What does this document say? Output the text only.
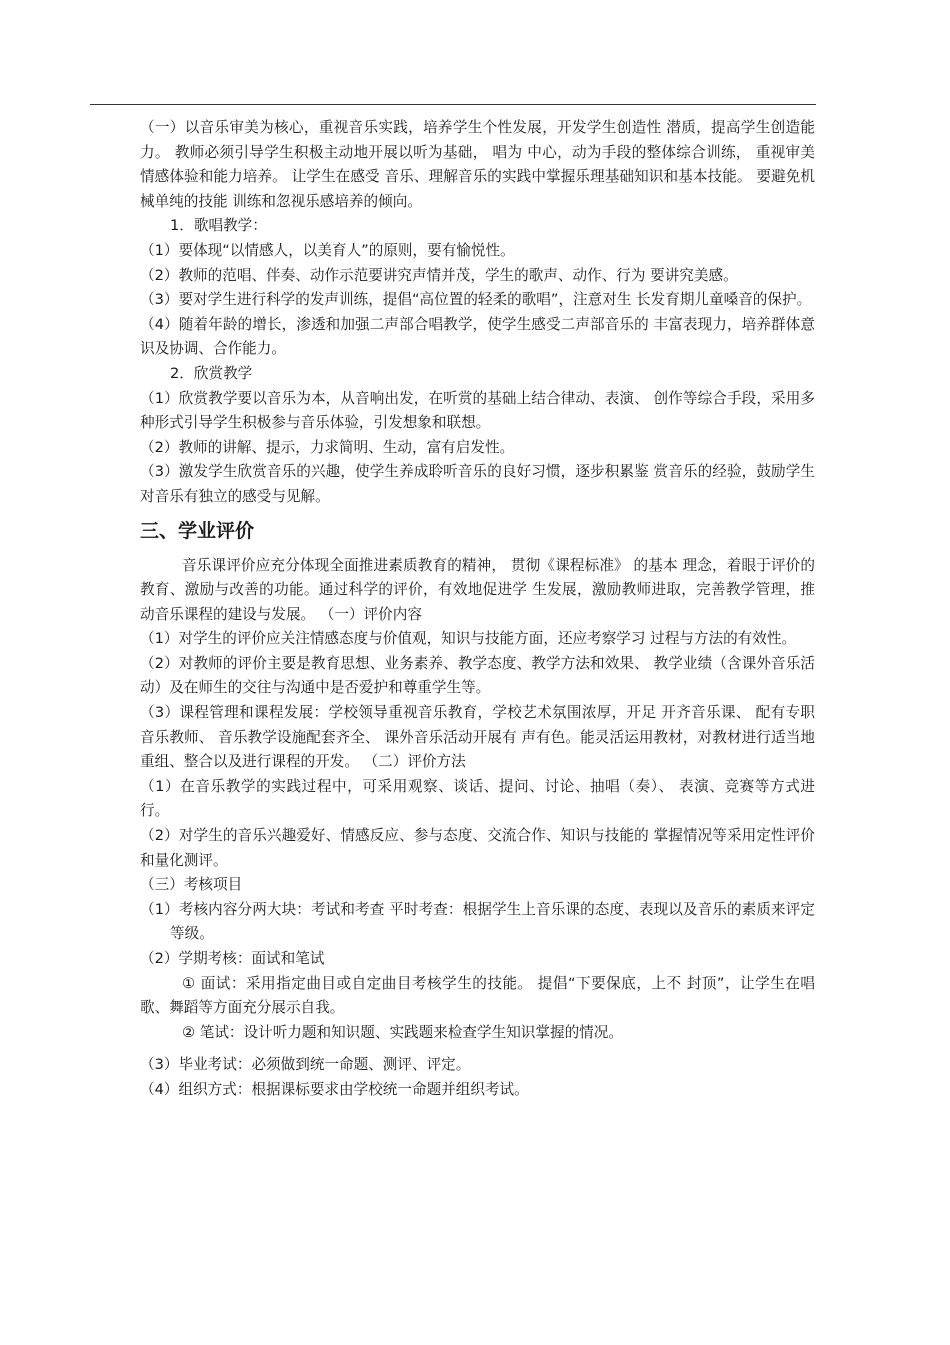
（一）以音乐审美为核心，重视音乐实践，培养学生个性发展，开发学生创造性 潜质，提高学生创造能力。 教师必须引导学生积极主动地开展以听为基础， 唱为 中心，动为手段的整体综合训练， 重视审美情感体验和能力培养。 让学生在感受 音乐、理解音乐的实践中掌握乐理基础知识和基本技能。 要避免机械单纯的技能 训练和忽视乐感培养的倾向。

1．歌唱教学：

（1）要体现“以情感人，以美育人”的原则，要有愉悦性。

（2）教师的范唱、伴奏、动作示范要讲究声情并茂，学生的歌声、动作、行为 要讲究美感。

（3）要对学生进行科学的发声训练，提倡“高位置的轻柔的歌唱”，注意对生 长发育期儿童嗓音的保护。

（4）随着年龄的增长，渗透和加强二声部合唱教学，使学生感受二声部音乐的 丰富表现力，培养群体意识及协调、合作能力。

2．欣赏教学

（1）欣赏教学要以音乐为本，从音响出发，在听赏的基础上结合律动、表演、 创作等综合手段，采用多种形式引导学生积极参与音乐体验，引发想象和联想。

（2）教师的讲解、提示，力求简明、生动，富有启发性。

（3）激发学生欣赏音乐的兴趣，使学生养成聆听音乐的良好习惯，逐步积累鉴 赏音乐的经验，鼓励学生对音乐有独立的感受与见解。

三、学业评价

音乐课评价应充分体现全面推进素质教育的精神， 贯彻《课程标准》 的基本 理念，着眼于评价的教育、激励与改善的功能。通过科学的评价，有效地促进学 生发展，激励教师进取，完善教学管理，推动音乐课程的建设与发展。 （一）评价内容

（1）对学生的评价应关注情感态度与价值观，知识与技能方面，还应考察学习 过程与方法的有效性。

（2）对教师的评价主要是教育思想、业务素养、教学态度、教学方法和效果、 教学业绩（含课外音乐活动）及在师生的交往与沟通中是否爱护和尊重学生等。

（3）课程管理和课程发展：学校领导重视音乐教育，学校艺术氛围浓厚，开足 开齐音乐课、 配有专职音乐教师、 音乐教学设施配套齐全、 课外音乐活动开展有 声有色。能灵活运用教材，对教材进行适当地重组、整合以及进行课程的开发。 （二）评价方法

（1）在音乐教学的实践过程中，可采用观察、谈话、提问、讨论、抽唱（奏）、 表演、竞赛等方式进行。

（2）对学生的音乐兴趣爱好、情感反应、参与态度、交流合作、知识与技能的 掌握情况等采用定性评价和量化测评。

（三）考核项目

（1）考核内容分两大块：考试和考查 平时考查：根据学生上音乐课的态度、表现以及音乐的素质来评定等级。

（2）学期考核：面试和笔试

① 面试：采用指定曲目或自定曲目考核学生的技能。 提倡“下要保底，上不 封顶”，让学生在唱歌、舞蹈等方面充分展示自我。

② 笔试：设计听力题和知识题、实践题来检查学生知识掌握的情况。

（3）毕业考试：必须做到统一命题、测评、评定。

（4）组织方式：根据课标要求由学校统一命题并组织考试。
